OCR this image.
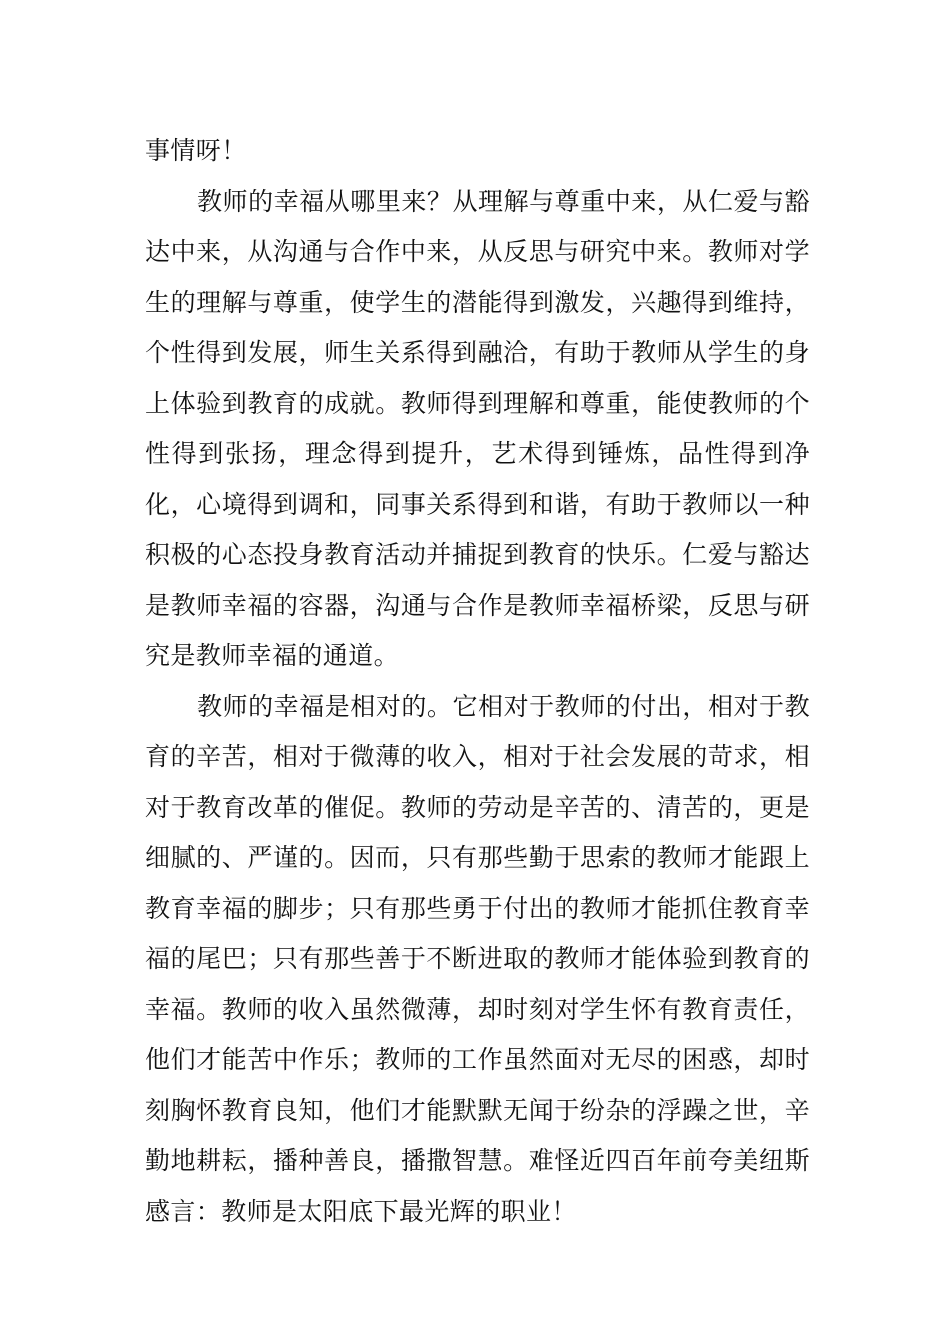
事情呀！

教师的幸福从哪里来？从理解与尊重中来，从仁爱与豁达中来，从沟通与合作中来，从反思与研究中来。教师对学生的理解与尊重，使学生的潜能得到激发，兴趣得到维持，个性得到发展，师生关系得到融洽，有助于教师从学生的身上体验到教育的成就。教师得到理解和尊重，能使教师的个性得到张扬，理念得到提升，艺术得到锤炼，品性得到净化，心境得到调和，同事关系得到和谐，有助于教师以一种积极的心态投身教育活动并捕捉到教育的快乐。仁爱与豁达是教师幸福的容器，沟通与合作是教师幸福桥梁，反思与研究是教师幸福的通道。

教师的幸福是相对的。它相对于教师的付出，相对于教育的辛苦，相对于微薄的收入，相对于社会发展的苛求，相对于教育改革的催促。教师的劳动是辛苦的、清苦的，更是细腻的、严谨的。因而，只有那些勤于思索的教师才能跟上教育幸福的脚步；只有那些勇于付出的教师才能抓住教育幸福的尾巴；只有那些善于不断进取的教师才能体验到教育的幸福。教师的收入虽然微薄，却时刻对学生怀有教育责任，他们才能苦中作乐；教师的工作虽然面对无尽的困惑，却时刻胸怀教育良知，他们才能默默无闻于纷杂的浮躁之世，辛勤地耕耘，播种善良，播撒智慧。难怪近四百年前夸美纽斯感言：教师是太阳底下最光辉的职业！
